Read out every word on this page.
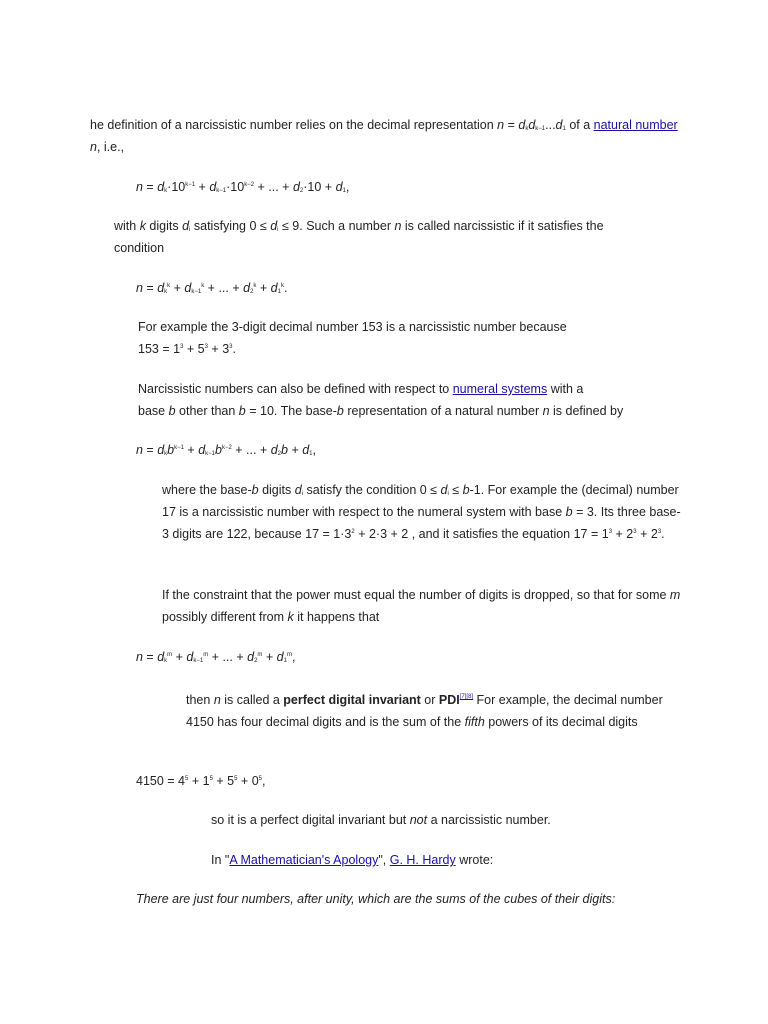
he definition of a narcissistic number relies on the decimal representation $n = d_kd_{k-1}...d_1$ of a natural number n, i.e.,
$n = d_k\cdot 10^{k-1} + d_{k-1}\cdot 10^{k-2}$ + ... + $d_2\cdot 10 + d_1$,
with k digits $d_i$ satisfying $0 \le d_i \le 9$. Such a number n is called narcissistic if it satisfies the condition
$n = d_k^k + d_{k-1}^k$ + ... + $d_2^k + d_1^k$.
For example the 3-digit decimal number 153 is a narcissistic number because
$153 = 1^3 + 5^3 + 3^3$.
Narcissistic numbers can also be defined with respect to numeral systems with a
base b other than b = 10. The base-b representation of a natural number n is defined by
$n = d_kb^{k-1} + d_{k-1}b^{k-2}$ + ... + $d_2b + d_1$,
where the base-b digits $d_i$ satisfy the condition $0 \le d_i \le b-1$. For example the (decimal) number 17 is a narcissistic number with respect to the numeral system with base b = 3. Its three base-3 digits are 122, because $17 = 1\cdot 3^2 + 2\cdot 3 + 2$ , and it satisfies the equation $17 = 1^3 + 2^3 + 2^3$.
If the constraint that the power must equal the number of digits is dropped, so that for some m possibly different from k it happens that
$n = d_k^m + d_{k-1}^m$ + ... + $d_2^m + d_1^m$,
then n is called a perfect digital invariant or PDI[7][8] For example, the decimal number 4150 has four decimal digits and is the sum of the fifth powers of its decimal digits
$4150 = 4^5 + 1^5 + 5^5 + 0^5$,
so it is a perfect digital invariant but not a narcissistic number.
In "A Mathematician's Apology", G. H. Hardy wrote:
There are just four numbers, after unity, which are the sums of the cubes of their digits:
